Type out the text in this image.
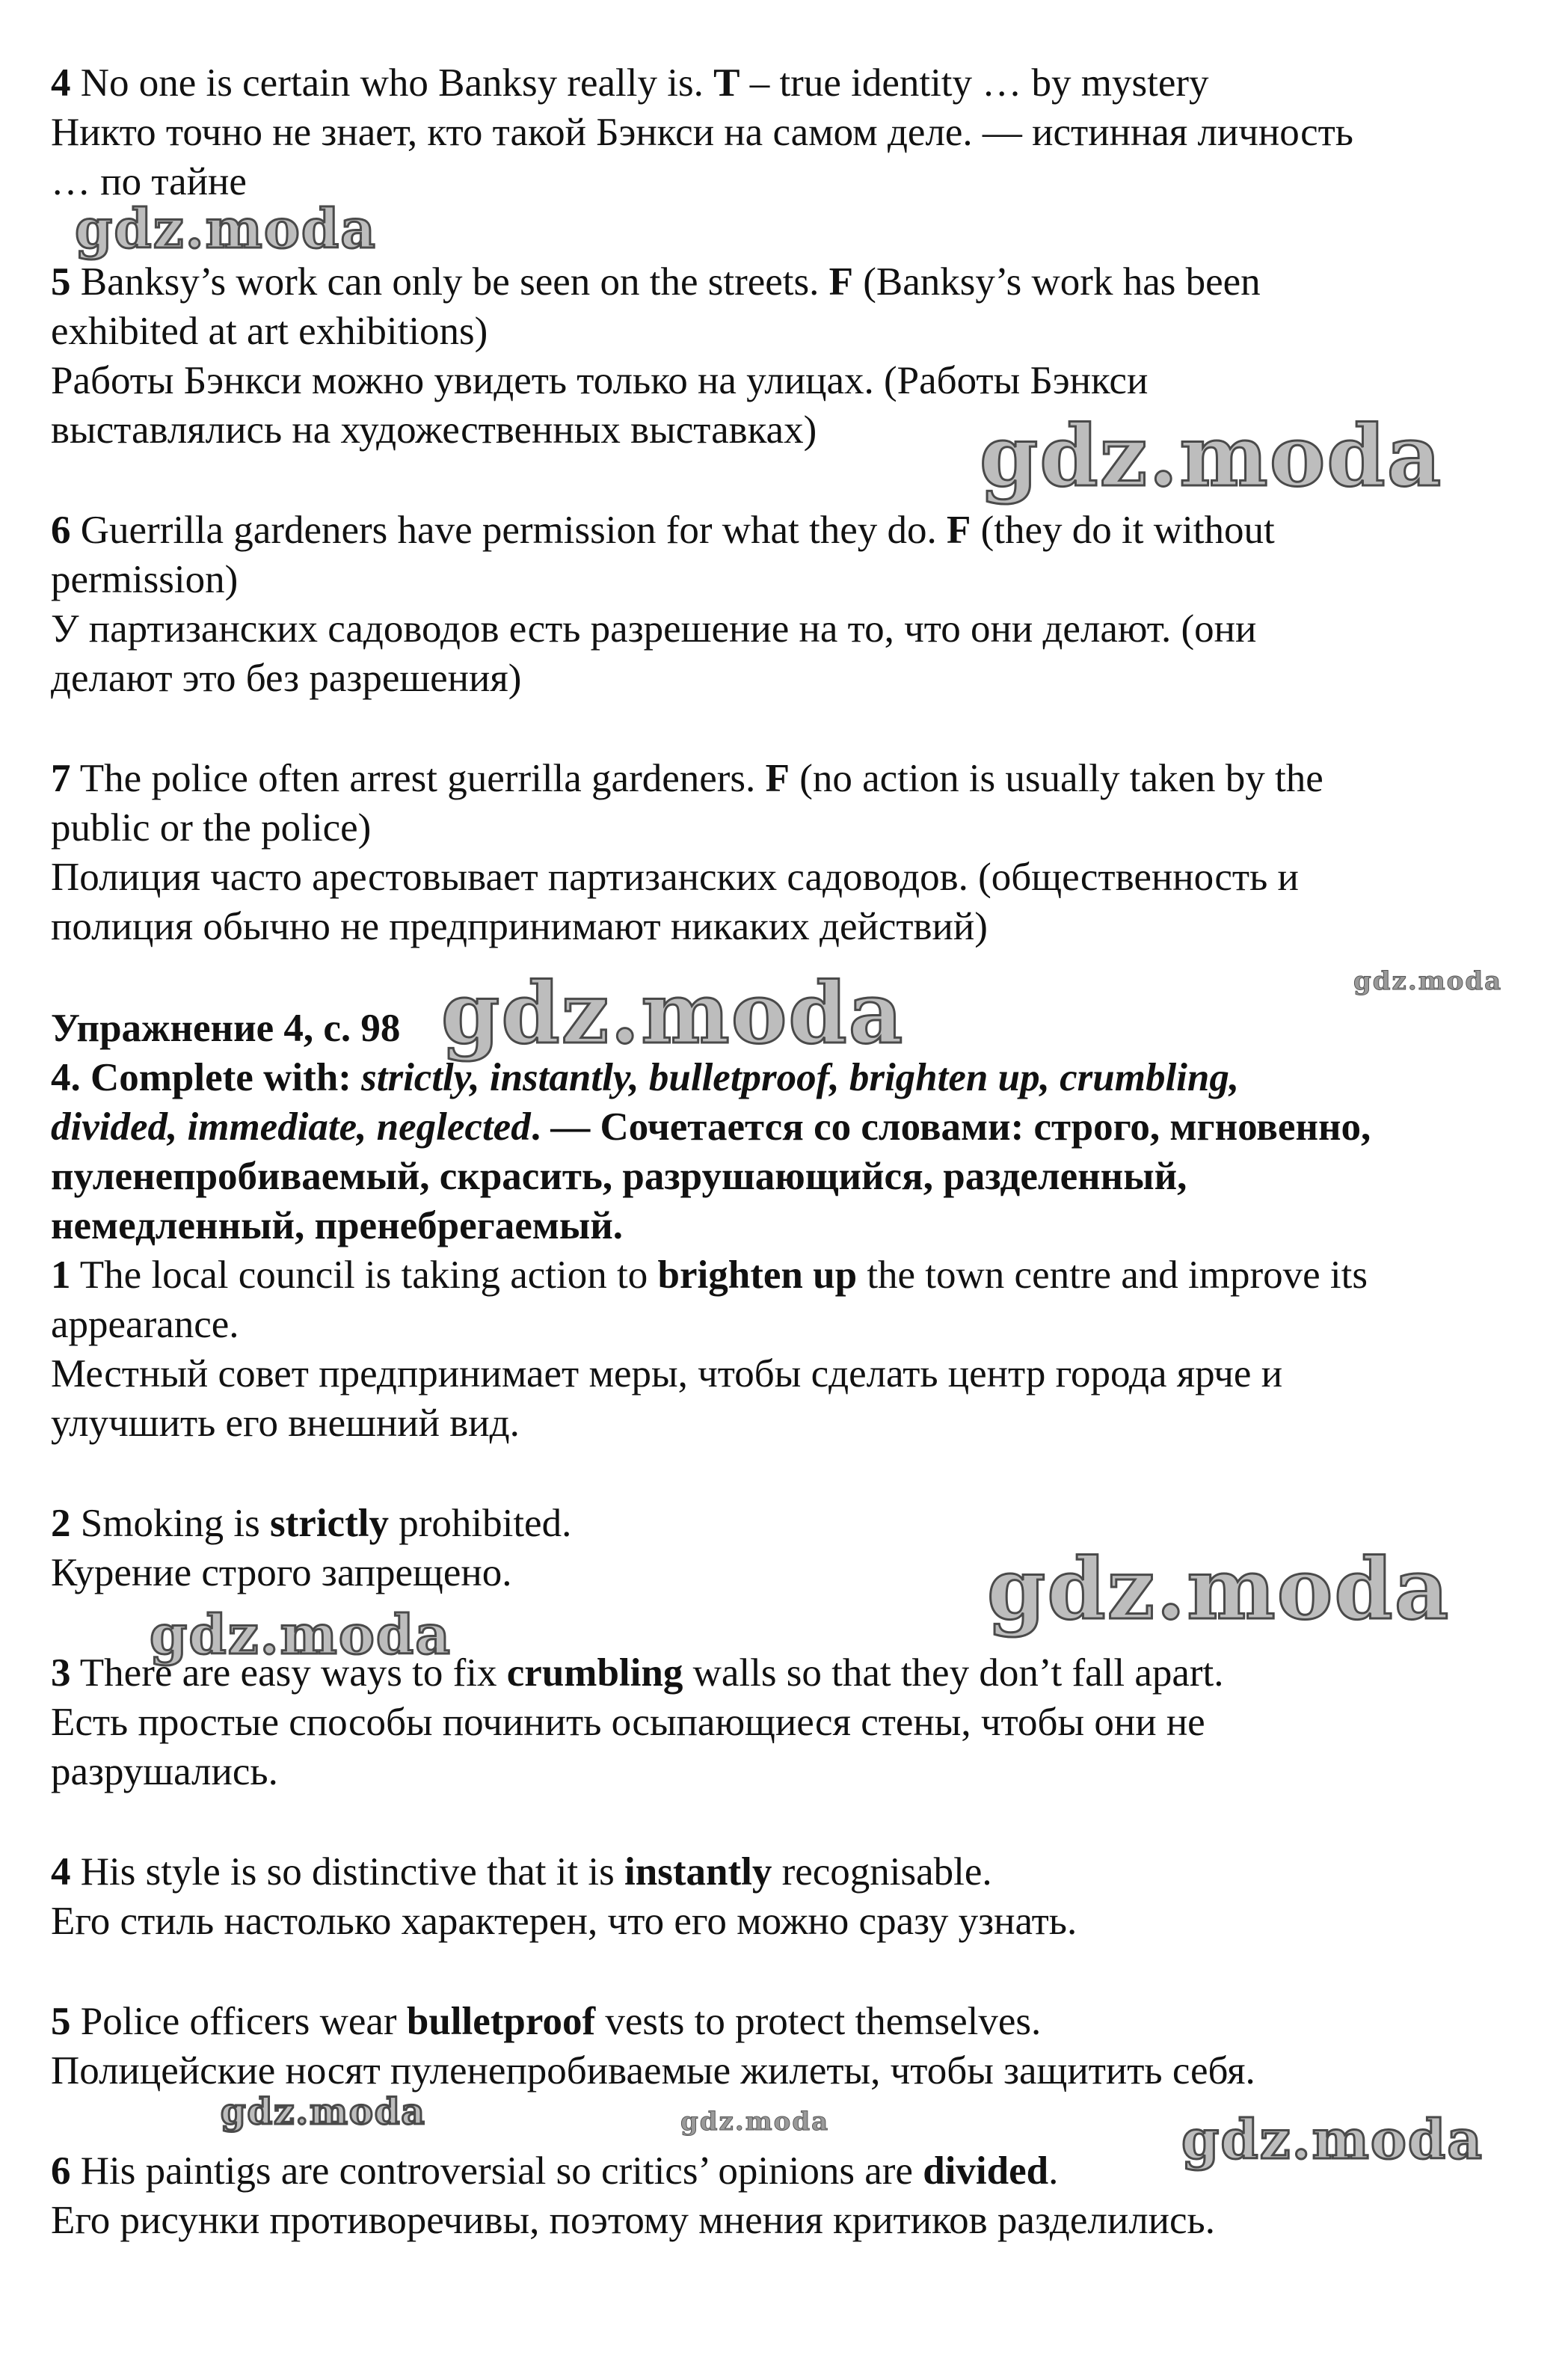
4 No one is certain who Banksy really is. T – true identity … by mystery
Никто точно не знает, кто такой Бэнкси на самом деле. — истинная личность
… по тайне
5 Banksy’s work can only be seen on the streets. F (Banksy’s work has been
exhibited at art exhibitions)
Работы Бэнкси можно увидеть только на улицах. (Работы Бэнкси
выставлялись на художественных выставках)
6 Guerrilla gardeners have permission for what they do. F (they do it without
permission)
У партизанских садоводов есть разрешение на то, что они делают. (они
делают это без разрешения)
7 The police often arrest guerrilla gardeners. F (no action is usually taken by the
public or the police)
Полиция часто арестовывает партизанских садоводов. (общественность и
полиция обычно не предпринимают никаких действий)
Упражнение 4, с. 98
4. Complete with: strictly, instantly, bulletproof, brighten up, crumbling,
divided, immediate, neglected. — Сочетается со словами: строго, мгновенно,
пуленепробиваемый, скрасить, разрушающийся, разделенный,
немедленный, пренебрегаемый.
1 The local council is taking action to brighten up the town centre and improve its
appearance.
Местный совет предпринимает меры, чтобы сделать центр города ярче и
улучшить его внешний вид.
2 Smoking is strictly prohibited.
Курение строго запрещено.
3 There are easy ways to fix crumbling walls so that they don’t fall apart.
Есть простые способы починить осыпающиеся стены, чтобы они не
разрушались.
4 His style is so distinctive that it is instantly recognisable.
Его стиль настолько характерен, что его можно сразу узнать.
5 Police officers wear bulletproof vests to protect themselves.
Полицейские носят пуленепробиваемые жилеты, чтобы защитить себя.
6 His paintigs are controversial so critics’ opinions are divided.
Его рисунки противоречивы, поэтому мнения критиков разделились.
gdz.moda
gdz.moda
gdz.moda
gdz.moda
gdz.moda
gdz.moda
gdz.moda	gdz.moda	gdz.moda
